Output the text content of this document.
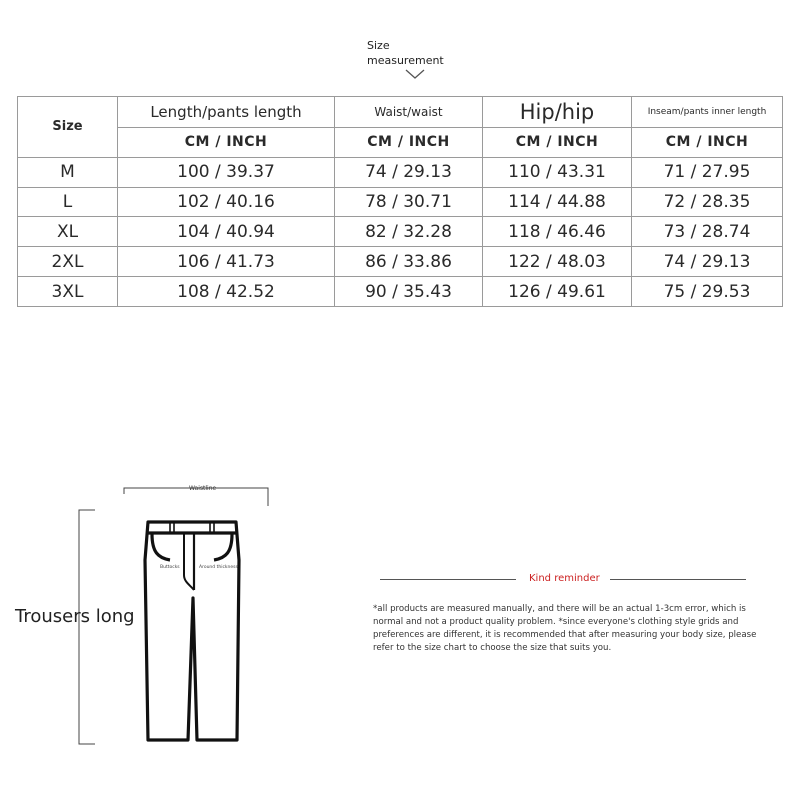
Size
measurement
Size	Length/pants length	Waist/waist	Hip/hip	Inseam/pants inner length
	CM / INCH	CM / INCH	CM / INCH	CM / INCH
M	100 / 39.37	74 / 29.13	110 / 43.31	71 / 27.95
L	102 / 40.16	78 / 30.71	114 / 44.88	72 / 28.35
XL	104 / 40.94	82 / 32.28	118 / 46.46	73 / 28.74
2XL	106 / 41.73	86 / 33.86	122 / 48.03	74 / 29.13
3XL	108 / 42.52	90 / 35.43	126 / 49.61	75 / 29.53
Waistline
Buttocks	Around thickness
Trousers long
Kind reminder
*all products are measured manually, and there will be an actual 1-3cm error, which is
normal and not a product quality problem. *since everyone's clothing style grids and
preferences are different, it is recommended that after measuring your body size, please
refer to the size chart to choose the size that suits you.
